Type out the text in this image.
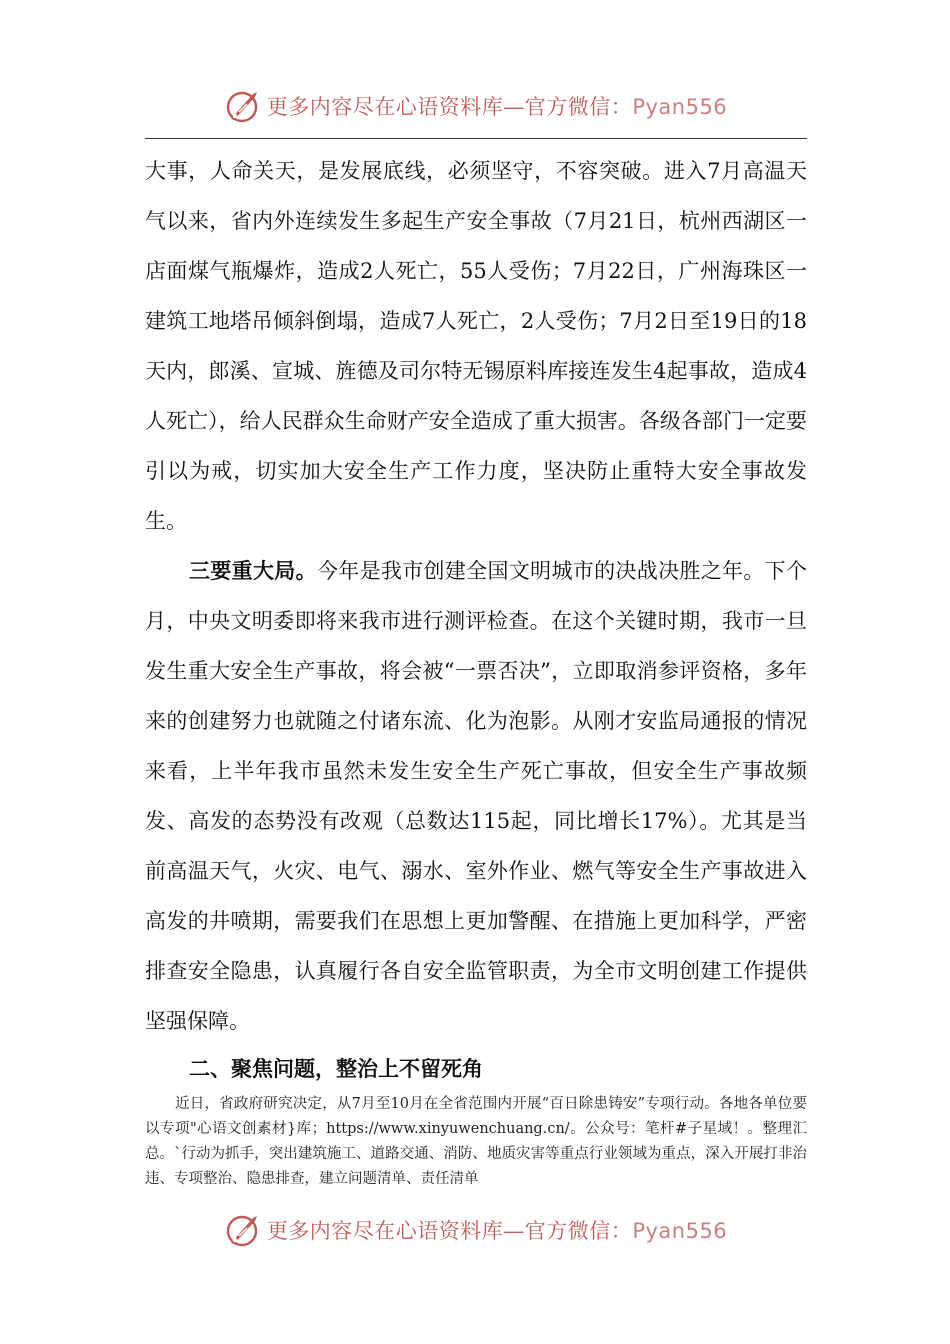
更多内容尽在心语资料库—官方微信：Pyan556

大事，人命关天，是发展底线，必须坚守，不容突破。进入7月高温天气以来，省内外连续发生多起生产安全事故（7月21日，杭州西湖区一店面煤气瓶爆炸，造成2人死亡，55人受伤；7月22日，广州海珠区一建筑工地塔吊倾斜倒塌，造成7人死亡，2人受伤；7月2日至19日的18天内，郎溪、宣城、旌德及司尔特无锡原料库接连发生4起事故，造成4人死亡），给人民群众生命财产安全造成了重大损害。各级各部门一定要引以为戒，切实加大安全生产工作力度，坚决防止重特大安全事故发生。

三要重大局。今年是我市创建全国文明城市的决战决胜之年。下个月，中央文明委即将来我市进行测评检查。在这个关键时期，我市一旦发生重大安全生产事故，将会被“一票否决”，立即取消参评资格，多年来的创建努力也就随之付诸东流、化为泡影。从刚才安监局通报的情况来看，上半年我市虽然未发生安全生产死亡事故，但安全生产事故频发、高发的态势没有改观（总数达115起，同比增长17%）。尤其是当前高温天气，火灾、电气、溺水、室外作业、燃气等安全生产事故进入高发的井喷期，需要我们在思想上更加警醒、在措施上更加科学，严密排查安全隐患，认真履行各自安全监管职责，为全市文明创建工作提供坚强保障。

二、聚焦问题，整治上不留死角

近日，省政府研究决定，从7月至10月在全省范围内开展“百日除患铸安”专项行动。各地各单位要以专项"心语文创素材}库；https://www.xinyuwenchuang.cn/。公众号：笔杆#子星域！。整理汇总。`行动为抓手，突出建筑施工、道路交通、消防、地质灾害等重点行业领域为重点，深入开展打非治违、专项整治、隐患排查，建立问题清单、责任清单

更多内容尽在心语资料库—官方微信：Pyan556
